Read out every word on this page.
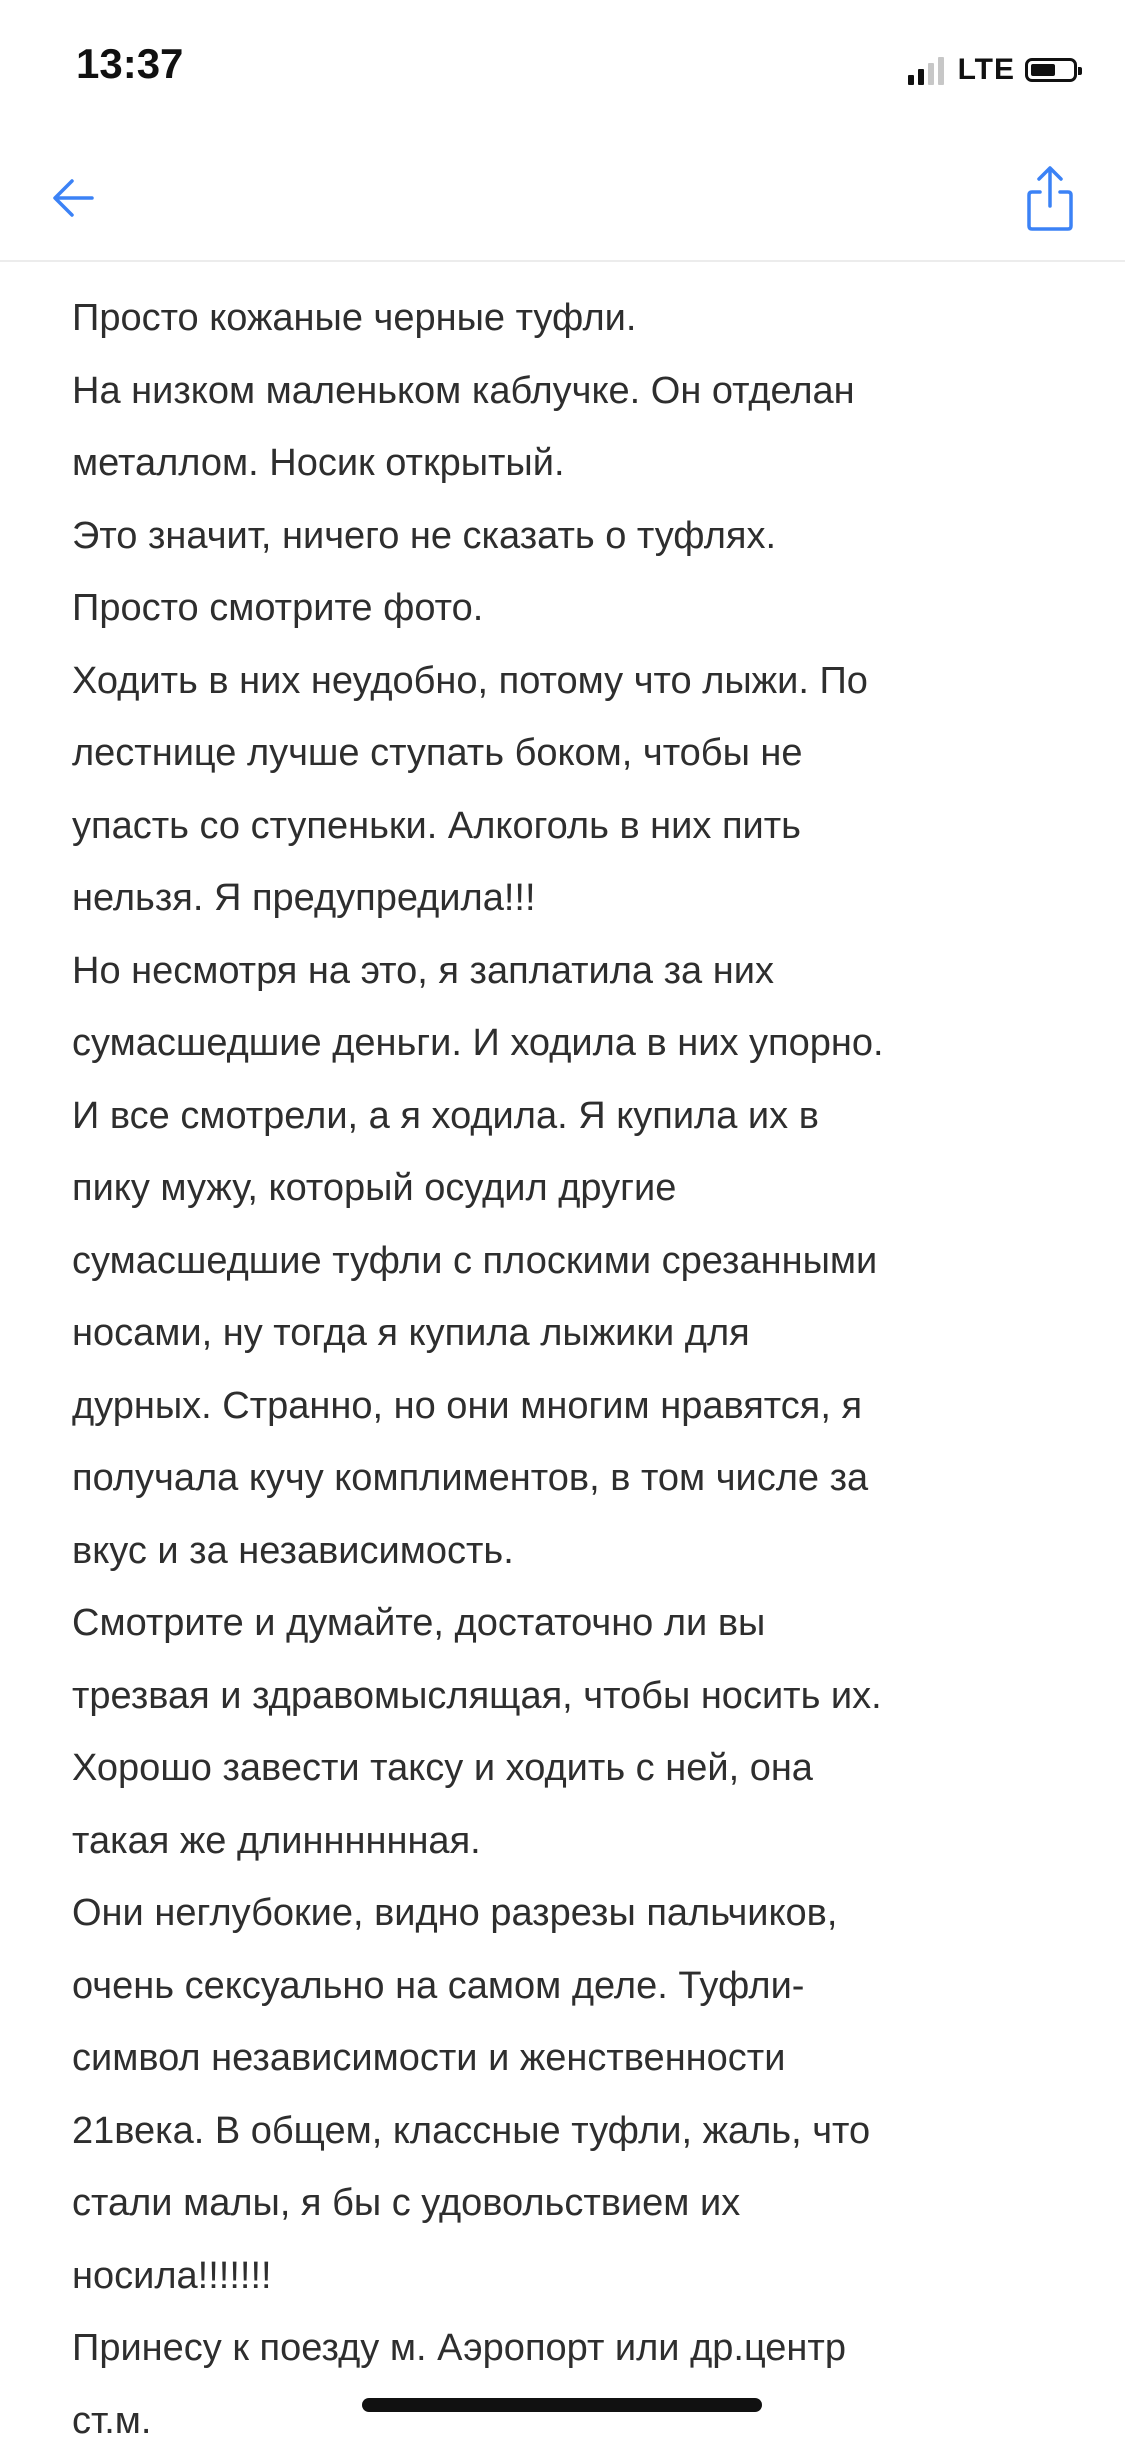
13:37	LTE
Просто кожаные черные туфли.
На низком маленьком каблучке. Он отделан
металлом. Носик открытый.
Это значит, ничего не сказать о туфлях.
Просто смотрите фото.
Ходить в них неудобно, потому что лыжи. По
лестнице лучше ступать боком, чтобы не
упасть со ступеньки. Алкоголь в них пить
нельзя. Я предупредила!!!
Но несмотря на это, я заплатила за них
сумасшедшие деньги. И ходила в них упорно.
И все смотрели, а я ходила. Я купила их в
пику мужу, который осудил другие
сумасшедшие туфли с плоскими срезанными
носами, ну тогда я купила лыжики для
дурных. Странно, но они многим нравятся, я
получала кучу комплиментов, в том числе за
вкус и за независимость.
Смотрите и думайте, достаточно ли вы
трезвая и здравомыслящая, чтобы носить их.
Хорошо завести таксу и ходить с ней, она
такая же длинннннная.
Они неглубокие, видно разрезы пальчиков,
очень сексуально на самом деле. Туфли-
символ независимости и женственности
21века. В общем, классные туфли, жаль, что
стали малы, я бы с удовольствием их
носила!!!!!!!
Принесу к поезду м. Аэропорт или др.центр
ст.м.
